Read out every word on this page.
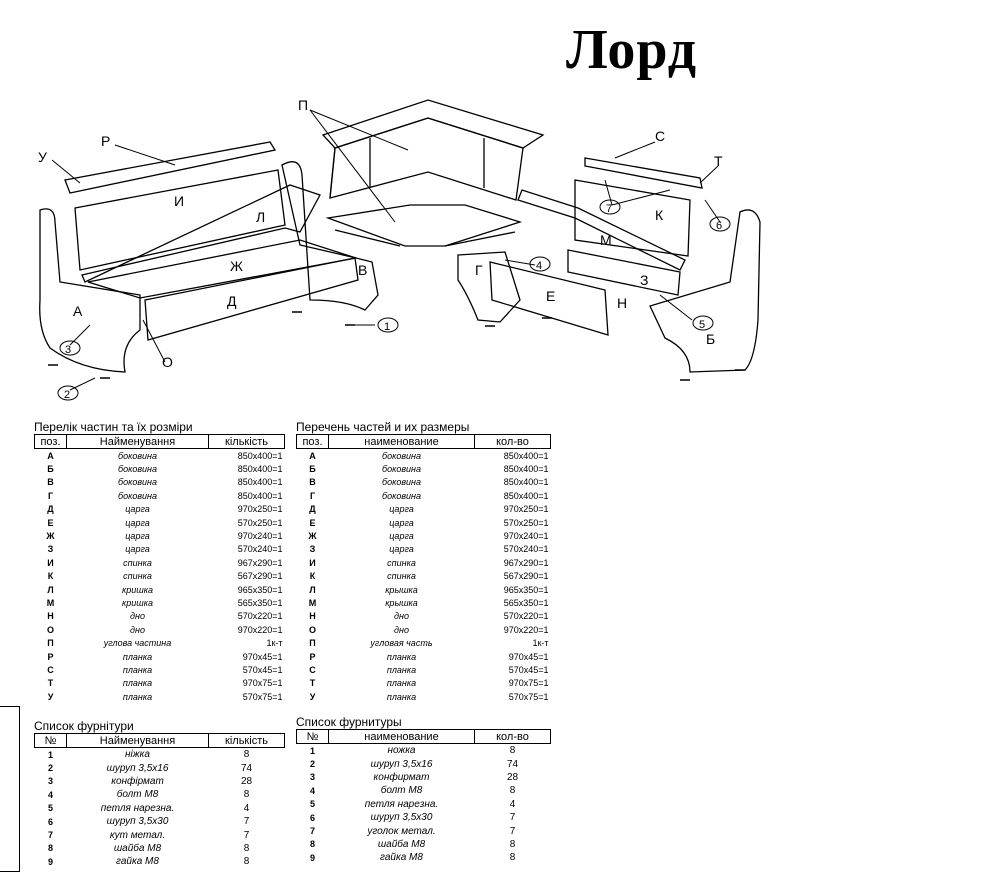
Лорд
П
Р	С
У	Т
И
К
Л
М
Ж
З
В	Г
Д	Е	Н
А
Б
О
1
2
3
4
5
6
7
Перелік частин та їх розміри
поз.	Найменування	кількість
А	боковина	850x400=1
Б	боковина	850x400=1
В	боковина	850x400=1
Г	боковина	850x400=1
Д	царга	970x250=1
Е	царга	570x250=1
Ж	царга	970x240=1
З	царга	570x240=1
И	спинка	967x290=1
К	спинка	567x290=1
Л	кришка	965x350=1
М	кришка	565x350=1
Н	дно	570x220=1
О	дно	970x220=1
П	углова частина	1к-т
Р	планка	970x45=1
С	планка	570x45=1
Т	планка	970x75=1
У	планка	570x75=1
Перечень частей и их размеры
поз.	наименование	кол-во
А	боковина	850x400=1
Б	боковина	850x400=1
В	боковина	850x400=1
Г	боковина	850x400=1
Д	царга	970x250=1
Е	царга	570x250=1
Ж	царга	970x240=1
З	царга	570x240=1
И	спинка	967x290=1
К	спинка	567x290=1
Л	крышка	965x350=1
М	крышка	565x350=1
Н	дно	570x220=1
О	дно	970x220=1
П	угловая часть	1к-т
Р	планка	970x45=1
С	планка	570x45=1
Т	планка	970x75=1
У	планка	570x75=1
Список фурнітури
№	Найменування	кількість
1	ніжка	8
2	шуруп 3,5x16	74
3	конфірмат	28
4	болт М8	8
5	петля нарезна.	4
6	шуруп 3,5x30	7
7	кут метал.	7
8	шайба М8	8
9	гайка М8	8
Список фурнитуры
№	наименование	кол-во
1	ножка	8
2	шуруп 3,5x16	74
3	конфирмат	28
4	болт М8	8
5	петля нарезна.	4
6	шуруп 3,5x30	7
7	уголок метал.	7
8	шайба М8	8
9	гайка М8	8
